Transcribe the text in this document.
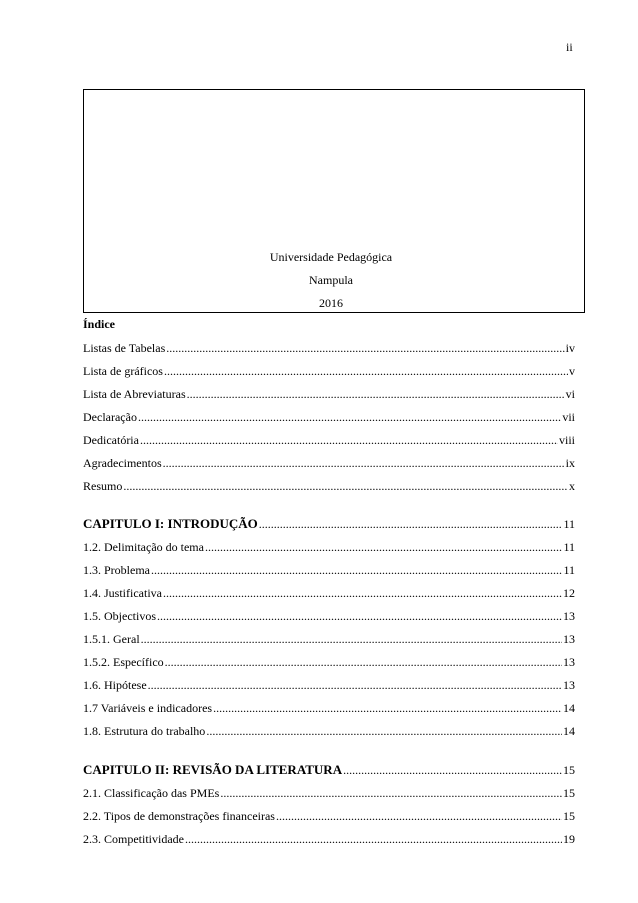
ii
Universidade Pedagógica
Nampula
2016
Índice
Listas de Tabelas .....	iv
Lista de gráficos .....	v
Lista de Abreviaturas .....	vi
Declaração .....	vii
Dedicatória .....	viii
Agradecimentos .....	ix
Resumo .....	x
CAPITULO I: INTRODUÇÃO .....	11
1.2. Delimitação do tema .....	11
1.3. Problema .....	11
1.4. Justificativa .....	12
1.5. Objectivos .....	13
1.5.1. Geral .....	13
1.5.2. Específico .....	13
1.6. Hipótese .....	13
1.7 Variáveis e indicadores .....	14
1.8. Estrutura do trabalho .....	14
CAPITULO II: REVISÃO DA LITERATURA .....	15
2.1. Classificação das PMEs .....	15
2.2. Tipos de demonstrações financeiras .....	15
2.3. Competitividade .....	19
